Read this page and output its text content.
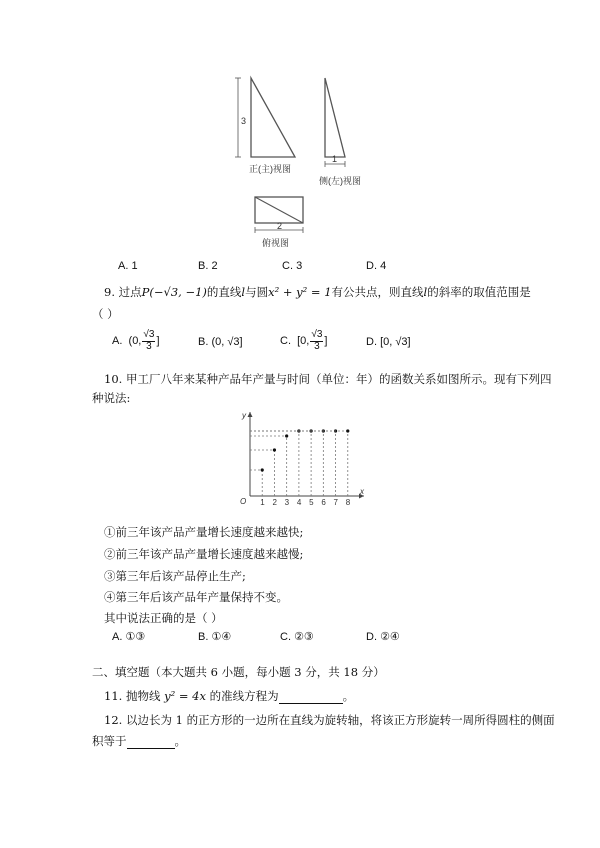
3
正(主)视图
1
侧(左)视图
2
俯视图
A. 1	B. 2	C. 3	D. 4
9. 过点P(−√3, −1)的直线l与圆x² + y² = 1有公共点，则直线l的斜率的取值范围是
（ ）
A. (0, $\frac{√3}{3}$ ]	B. (0, √3]	C. [0, $\frac{√3}{3}$ ]	D. [0, √3]
10. 甲工厂八年来某种产品年产量与时间（单位：年）的函数关系如图所示。现有下列四
种说法:
y
x
O 1 2 3 4 5 6 7 8
①前三年该产品产量增长速度越来越快;
②前三年该产品产量增长速度越来越慢;
③第三年后该产品停止生产;
④第三年后该产品年产量保持不变。
其中说法正确的是（ ）
A. ①③	B. ①④	C. ②③	D. ②④
二、填空题（本大题共 6 小题，每小题 3 分，共 18 分）
11. 抛物线 y² = 4x 的准线方程为	。
12. 以边长为 1 的正方形的一边所在直线为旋转轴，将该正方形旋转一周所得圆柱的侧面
积等于	。
